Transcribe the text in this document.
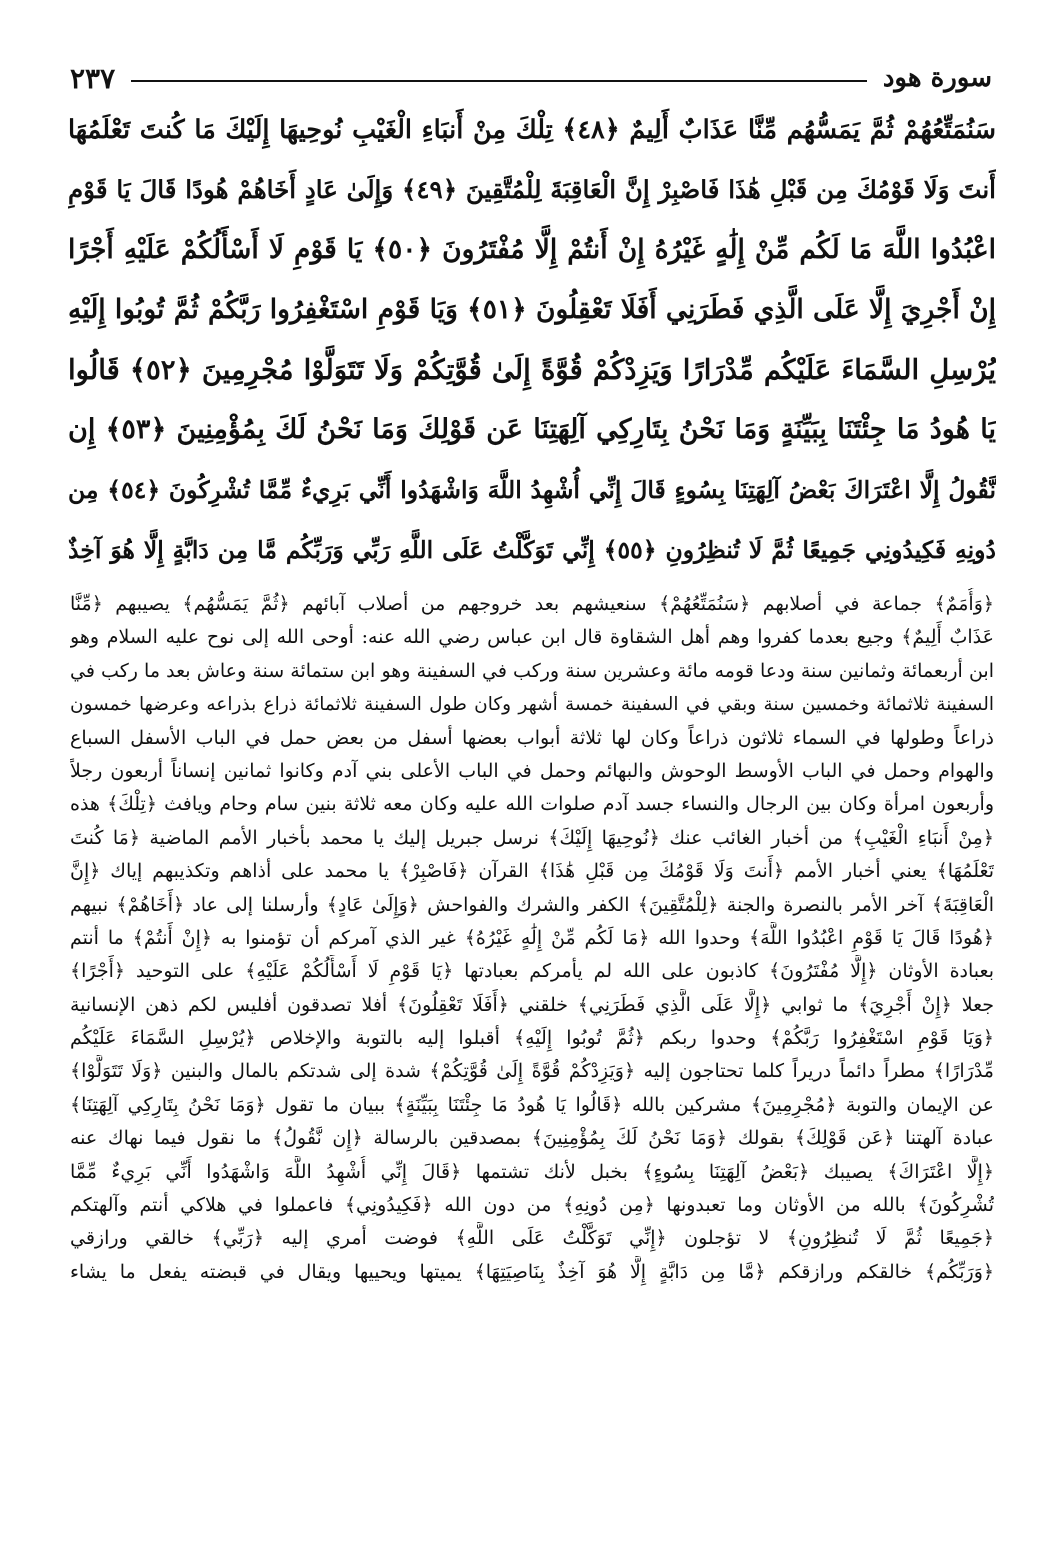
٢٣٧	سورة هود
سَنُمَتِّعُهُمْ ثُمَّ يَمَسُّهُم مِّنَّا عَذَابٌ أَلِيمٌ ﴿٤٨﴾ تِلْكَ مِنْ أَنبَاءِ الْغَيْبِ نُوحِيهَا إِلَيْكَ مَا كُنتَ تَعْلَمُهَا
أَنتَ وَلَا قَوْمُكَ مِن قَبْلِ هَٰذَا فَاصْبِرْ إِنَّ الْعَاقِبَةَ لِلْمُتَّقِينَ ﴿٤٩﴾ وَإِلَىٰ عَادٍ أَخَاهُمْ هُودًا قَالَ يَا قَوْمِ
اعْبُدُوا اللَّهَ مَا لَكُم مِّنْ إِلَٰهٍ غَيْرُهُ إِنْ أَنتُمْ إِلَّا مُفْتَرُونَ ﴿٥٠﴾ يَا قَوْمِ لَا أَسْأَلُكُمْ عَلَيْهِ أَجْرًا
إِنْ أَجْرِيَ إِلَّا عَلَى الَّذِي فَطَرَنِي أَفَلَا تَعْقِلُونَ ﴿٥١﴾ وَيَا قَوْمِ اسْتَغْفِرُوا رَبَّكُمْ ثُمَّ تُوبُوا إِلَيْهِ
يُرْسِلِ السَّمَاءَ عَلَيْكُم مِّدْرَارًا وَيَزِدْكُمْ قُوَّةً إِلَىٰ قُوَّتِكُمْ وَلَا تَتَوَلَّوْا مُجْرِمِينَ ﴿٥٢﴾ قَالُوا
يَا هُودُ مَا جِئْتَنَا بِبَيِّنَةٍ وَمَا نَحْنُ بِتَارِكِي آلِهَتِنَا عَن قَوْلِكَ وَمَا نَحْنُ لَكَ بِمُؤْمِنِينَ ﴿٥٣﴾ إِن
نَّقُولُ إِلَّا اعْتَرَاكَ بَعْضُ آلِهَتِنَا بِسُوءٍ قَالَ إِنِّي أُشْهِدُ اللَّهَ وَاشْهَدُوا أَنِّي بَرِيءٌ مِّمَّا تُشْرِكُونَ ﴿٥٤﴾ مِن
دُونِهِ فَكِيدُونِي جَمِيعًا ثُمَّ لَا تُنظِرُونِ ﴿٥٥﴾ إِنِّي تَوَكَّلْتُ عَلَى اللَّهِ رَبِّي وَرَبِّكُم مَّا مِن دَابَّةٍ إِلَّا هُوَ آخِذٌ
﴿وَأُمَمٌ﴾ جماعة في أصلابهم ﴿سَنُمَتِّعُهُمْ﴾ سنعيشهم بعد خروجهم من أصلاب آبائهم ﴿ثُمَّ يَمَسُّهُم﴾ يصيبهم ﴿مِّنَّا
عَذَابٌ أَلِيمٌ﴾ وجيع بعدما كفروا وهم أهل الشقاوة قال ابن عباس رضي الله عنه: أوحى الله إلى نوح عليه السلام وهو
ابن أربعمائة وثمانين سنة ودعا قومه مائة وعشرين سنة وركب في السفينة وهو ابن ستمائة سنة وعاش بعد ما ركب في
السفينة ثلاثمائة وخمسين سنة وبقي في السفينة خمسة أشهر وكان طول السفينة ثلاثمائة ذراع بذراعه وعرضها خمسون
ذراعاً وطولها في السماء ثلاثون ذراعاً وكان لها ثلاثة أبواب بعضها أسفل من بعض حمل في الباب الأسفل السباع
والهوام وحمل في الباب الأوسط الوحوش والبهائم وحمل في الباب الأعلى بني آدم وكانوا ثمانين إنساناً أربعون رجلاً
وأربعون امرأة وكان بين الرجال والنساء جسد آدم صلوات الله عليه وكان معه ثلاثة بنين سام وحام ويافث ﴿تِلْكَ﴾ هذه
﴿مِنْ أَنبَاءِ الْغَيْبِ﴾ من أخبار الغائب عنك ﴿نُوحِيهَا إِلَيْكَ﴾ نرسل جبريل إليك يا محمد بأخبار الأمم الماضية ﴿مَا كُنتَ
تَعْلَمُهَا﴾ يعني أخبار الأمم ﴿أَنتَ وَلَا قَوْمُكَ مِن قَبْلِ هَٰذَا﴾ القرآن ﴿فَاصْبِرْ﴾ يا محمد على أذاهم وتكذيبهم إياك ﴿إِنَّ
الْعَاقِبَةَ﴾ آخر الأمر بالنصرة والجنة ﴿لِلْمُتَّقِينَ﴾ الكفر والشرك والفواحش ﴿وَإِلَىٰ عَادٍ﴾ وأرسلنا إلى عاد ﴿أَخَاهُمْ﴾ نبيهم
﴿هُودًا قَالَ يَا قَوْمِ اعْبُدُوا اللَّهَ﴾ وحدوا الله ﴿مَا لَكُم مِّنْ إِلَٰهٍ غَيْرُهُ﴾ غير الذي آمركم أن تؤمنوا به ﴿إِنْ أَنتُمْ﴾ ما أنتم
بعبادة الأوثان ﴿إِلَّا مُفْتَرُونَ﴾ كاذبون على الله لم يأمركم بعبادتها ﴿يَا قَوْمِ لَا أَسْأَلُكُمْ عَلَيْهِ﴾ على التوحيد ﴿أَجْرًا﴾
جعلا ﴿إِنْ أَجْرِيَ﴾ ما ثوابي ﴿إِلَّا عَلَى الَّذِي فَطَرَنِي﴾ خلقني ﴿أَفَلَا تَعْقِلُونَ﴾ أفلا تصدقون أفليس لكم ذهن الإنسانية
﴿وَيَا قَوْمِ اسْتَغْفِرُوا رَبَّكُمْ﴾ وحدوا ربكم ﴿ثُمَّ تُوبُوا إِلَيْهِ﴾ أقبلوا إليه بالتوبة والإخلاص ﴿يُرْسِلِ السَّمَاءَ عَلَيْكُم
مِّدْرَارًا﴾ مطراً دائماً دريراً كلما تحتاجون إليه ﴿وَيَزِدْكُمْ قُوَّةً إِلَىٰ قُوَّتِكُمْ﴾ شدة إلى شدتكم بالمال والبنين ﴿وَلَا تَتَوَلَّوْا﴾
عن الإيمان والتوبة ﴿مُجْرِمِينَ﴾ مشركين بالله ﴿قَالُوا يَا هُودُ مَا جِئْتَنَا بِبَيِّنَةٍ﴾ ببيان ما تقول ﴿وَمَا نَحْنُ بِتَارِكِي آلِهَتِنَا﴾
عبادة آلهتنا ﴿عَن قَوْلِكَ﴾ بقولك ﴿وَمَا نَحْنُ لَكَ بِمُؤْمِنِينَ﴾ بمصدقين بالرسالة ﴿إِن نَّقُولُ﴾ ما نقول فيما نهاك عنه
﴿إِلَّا اعْتَرَاكَ﴾ يصيبك ﴿بَعْضُ آلِهَتِنَا بِسُوءٍ﴾ بخبل لأنك تشتمها ﴿قَالَ إِنِّي أُشْهِدُ اللَّهَ وَاشْهَدُوا أَنِّي بَرِيءٌ مِّمَّا
تُشْرِكُونَ﴾ بالله من الأوثان وما تعبدونها ﴿مِن دُونِهِ﴾ من دون الله ﴿فَكِيدُونِي﴾ فاعملوا في هلاكي أنتم وآلهتكم
﴿جَمِيعًا ثُمَّ لَا تُنظِرُونِ﴾ لا تؤجلون ﴿إِنِّي تَوَكَّلْتُ عَلَى اللَّهِ﴾ فوضت أمري إليه ﴿رَبِّي﴾ خالقي ورازقي
﴿وَرَبِّكُم﴾ خالقكم ورازقكم ﴿مَّا مِن دَابَّةٍ إِلَّا هُوَ آخِذٌ بِنَاصِيَتِهَا﴾ يميتها ويحييها ويقال في قبضته يفعل ما يشاء
